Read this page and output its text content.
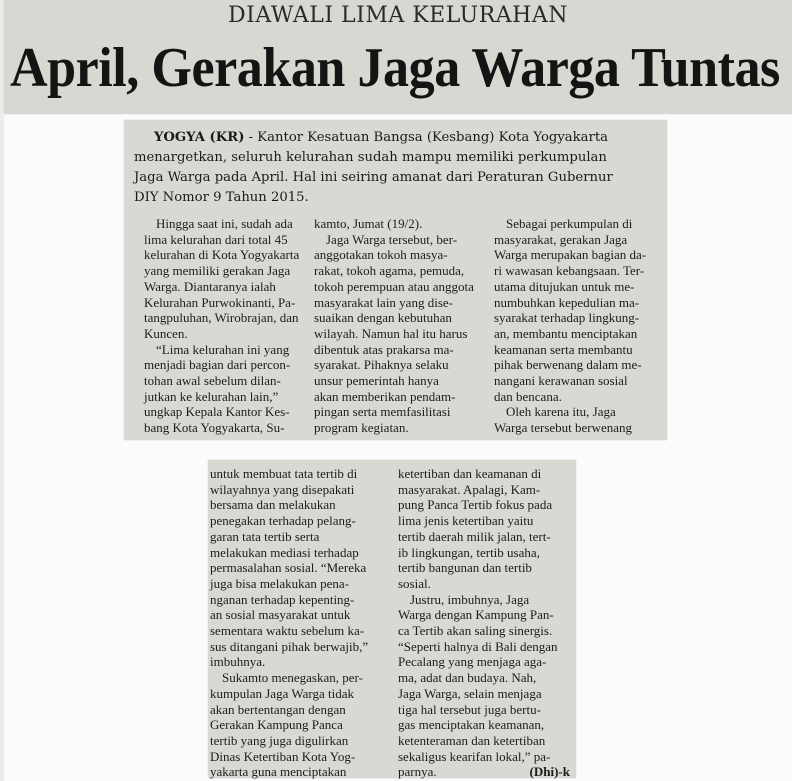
DIAWALI LIMA KELURAHAN
April, Gerakan Jaga Warga Tuntas
YOGYA (KR) - Kantor Kesatuan Bangsa (Kesbang) Kota Yogyakarta
menargetkan, seluruh kelurahan sudah mampu memiliki perkumpulan
Jaga Warga pada April. Hal ini seiring amanat dari Peraturan Gubernur
DIY Nomor 9 Tahun 2015.
Hingga saat ini, sudah ada
lima kelurahan dari total 45
kelurahan di Kota Yogyakarta
yang memiliki gerakan Jaga
Warga. Diantaranya ialah
Kelurahan Purwokinanti, Pa-
tangpuluhan, Wirobrajan, dan
Kuncen.
“Lima kelurahan ini yang
menjadi bagian dari percon-
tohan awal sebelum dilan-
jutkan ke kelurahan lain,”
ungkap Kepala Kantor Kes-
bang Kota Yogyakarta, Su-
kamto, Jumat (19/2).
Jaga Warga tersebut, ber-
anggotakan tokoh masya-
rakat, tokoh agama, pemuda,
tokoh perempuan atau anggota
masyarakat lain yang dise-
suaikan dengan kebutuhan
wilayah. Namun hal itu harus
dibentuk atas prakarsa ma-
syarakat. Pihaknya selaku
unsur pemerintah hanya
akan memberikan pendam-
pingan serta memfasilitasi
program kegiatan.
Sebagai perkumpulan di
masyarakat, gerakan Jaga
Warga merupakan bagian da-
ri wawasan kebangsaan. Ter-
utama ditujukan untuk me-
numbuhkan kepedulian ma-
syarakat terhadap lingkung-
an, membantu menciptakan
keamanan serta membantu
pihak berwenang dalam me-
nangani kerawanan sosial
dan bencana.
Oleh karena itu, Jaga
Warga tersebut berwenang
untuk membuat tata tertib di
wilayahnya yang disepakati
bersama dan melakukan
penegakan terhadap pelang-
garan tata tertib serta
melakukan mediasi terhadap
permasalahan sosial. “Mereka
juga bisa melakukan pena-
nganan terhadap kepenting-
an sosial masyarakat untuk
sementara waktu sebelum ka-
sus ditangani pihak berwajib,”
imbuhnya.
Sukamto menegaskan, per-
kumpulan Jaga Warga tidak
akan bertentangan dengan
Gerakan Kampung Panca
tertib yang juga digulirkan
Dinas Ketertiban Kota Yog-
yakarta guna menciptakan
ketertiban dan keamanan di
masyarakat. Apalagi, Kam-
pung Panca Tertib fokus pada
lima jenis ketertiban yaitu
tertib daerah milik jalan, tert-
ib lingkungan, tertib usaha,
tertib bangunan dan tertib
sosial.
Justru, imbuhnya, Jaga
Warga dengan Kampung Pan-
ca Tertib akan saling sinergis.
“Seperti halnya di Bali dengan
Pecalang yang menjaga aga-
ma, adat dan budaya. Nah,
Jaga Warga, selain menjaga
tiga hal tersebut juga bertu-
gas menciptakan keamanan,
ketenteraman dan ketertiban
sekaligus kearifan lokal,” pa-
parnya.	(Dhi)-k
